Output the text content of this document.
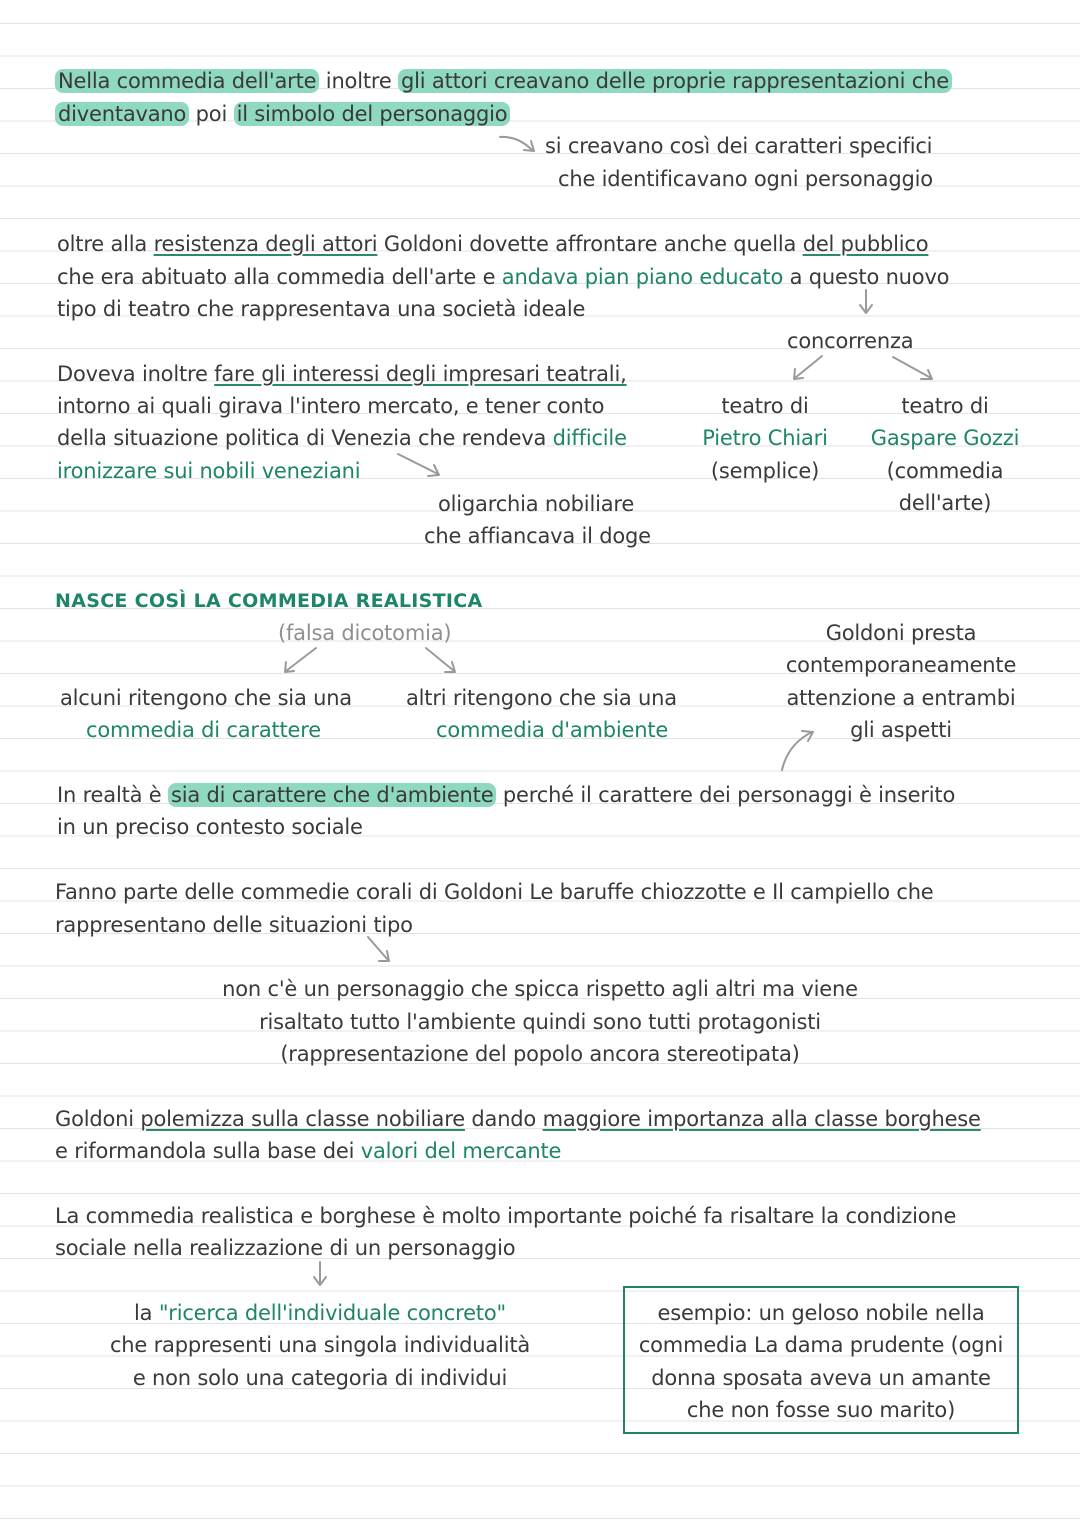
Nella commedia dell'arte inoltre gli attori creavano delle proprie rappresentazioni che
diventavano poi il simbolo del personaggio
si creavano così dei caratteri specifici
che identificavano ogni personaggio
oltre alla resistenza degli attori Goldoni dovette affrontare anche quella del pubblico
che era abituato alla commedia dell'arte e andava pian piano educato a questo nuovo
tipo di teatro che rappresentava una società ideale
concorrenza
teatro di
Pietro Chiari
(semplice)
teatro di
Gaspare Gozzi
(commedia
dell'arte)
Doveva inoltre fare gli interessi degli impresari teatrali,
intorno ai quali girava l'intero mercato, e tener conto
della situazione politica di Venezia che rendeva difficile
ironizzare sui nobili veneziani
oligarchia nobiliare
che affiancava il doge
NASCE COSÌ LA COMMEDIA REALISTICA
(falsa dicotomia)
alcuni ritengono che sia una
commedia di carattere
altri ritengono che sia una
commedia d'ambiente
Goldoni presta
contemporaneamente
attenzione a entrambi
gli aspetti
In realtà è sia di carattere che d'ambiente perché il carattere dei personaggi è inserito
in un preciso contesto sociale
Fanno parte delle commedie corali di Goldoni Le baruffe chiozzotte e Il campiello che
rappresentano delle situazioni tipo
non c'è un personaggio che spicca rispetto agli altri ma viene
risaltato tutto l'ambiente quindi sono tutti protagonisti
(rappresentazione del popolo ancora stereotipata)
Goldoni polemizza sulla classe nobiliare dando maggiore importanza alla classe borghese
e riformandola sulla base dei valori del mercante
La commedia realistica e borghese è molto importante poiché fa risaltare la condizione
sociale nella realizzazione di un personaggio
la "ricerca dell'individuale concreto"
che rappresenti una singola individualità
e non solo una categoria di individui
esempio: un geloso nobile nella
commedia La dama prudente (ogni
donna sposata aveva un amante
che non fosse suo marito)
